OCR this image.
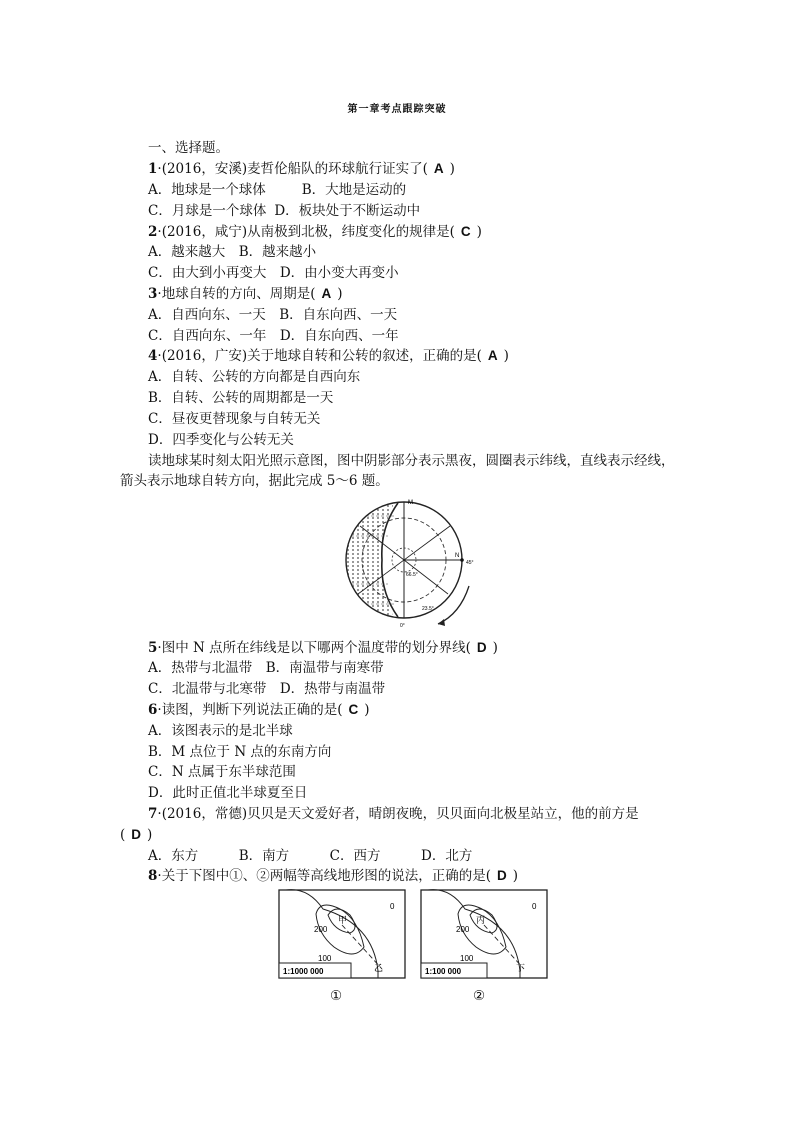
第一章考点跟踪突破
一、选择题。
1·(2016，安溪)麦哲伦船队的环球航行证实了( A )
A．地球是一个球体	B．大地是运动的
C．月球是一个球体 D．板块处于不断运动中
2·(2016，咸宁)从南极到北极，纬度变化的规律是( C )
A．越来越大　B．越来越小
C．由大到小再变大　D．由小变大再变小
3·地球自转的方向、周期是( A )
A．自西向东、一天　B．自东向西、一天
C．自西向东、一年　D．自东向西、一年
4·(2016，广安)关于地球自转和公转的叙述，正确的是( A )
A．自转、公转的方向都是自西向东
B．自转、公转的周期都是一天
C．昼夜更替现象与自转无关
D．四季变化与公转无关
读地球某时刻太阳光照示意图，图中阴影部分表示黑夜，圆圈表示纬线，直线表示经线，
箭头表示地球自转方向，据此完成 5～6 题。
M
N
45°
66.5°
23.5°
0°
5·图中 N 点所在纬线是以下哪两个温度带的划分界线( D )
A．热带与北温带　B．南温带与南寒带
C．北温带与北寒带　D．热带与南温带
6·读图，判断下列说法正确的是( C )
A．该图表示的是北半球
B．M 点位于 N 点的东南方向
C．N 点属于东半球范围
D．此时正值北半球夏至日
7·(2016，常德)贝贝是天文爱好者，晴朗夜晚，贝贝面向北极星站立，他的前方是
( D )
A．东方　　　B．南方　　　C．西方　　　D．北方
8·关于下图中①、②两幅等高线地形图的说法，正确的是( D )
甲
200
100
0
乙
1:1000 000
①
丙
200
100
0
丁
1:100 000
②
